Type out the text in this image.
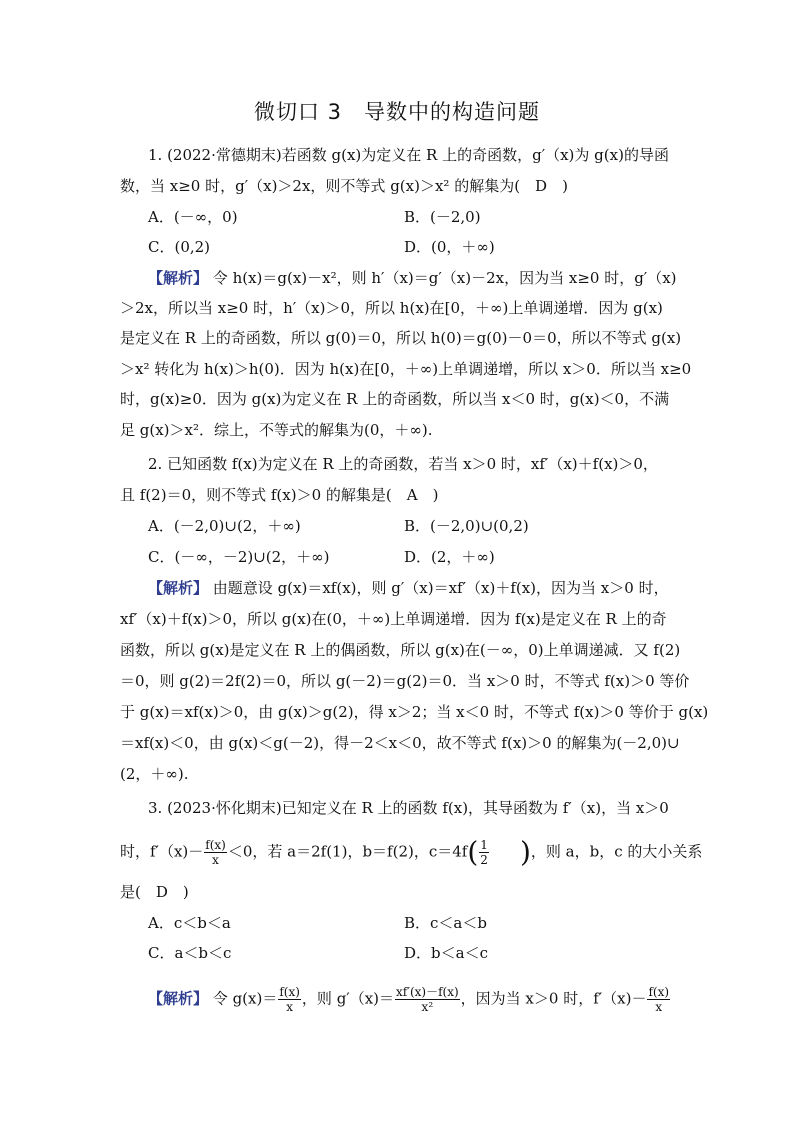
微切口 3　导数中的构造问题
1. (2022·常德期末)若函数 g(x)为定义在 R 上的奇函数，g′（x)为 g(x)的导函
数，当 x≥0 时，g′（x)＞2x，则不等式 g(x)＞x² 的解集为(　D　)
A．(－∞，0)	B．(－2,0)
C．(0,2)	D．(0，＋∞)
【解析】 令 h(x)＝g(x)－x²，则 h′（x)＝g′（x)－2x，因为当 x≥0 时，g′（x)
＞2x，所以当 x≥0 时，h′（x)＞0，所以 h(x)在[0，＋∞)上单调递增．因为 g(x)
是定义在 R 上的奇函数，所以 g(0)＝0，所以 h(0)＝g(0)－0＝0，所以不等式 g(x)
＞x² 转化为 h(x)＞h(0)．因为 h(x)在[0，＋∞)上单调递增，所以 x＞0．所以当 x≥0
时，g(x)≥0．因为 g(x)为定义在 R 上的奇函数，所以当 x＜0 时，g(x)＜0，不满
足 g(x)＞x²．综上，不等式的解集为(0，＋∞).
2. 已知函数 f(x)为定义在 R 上的奇函数，若当 x＞0 时，xf′（x)＋f(x)＞0，
且 f(2)＝0，则不等式 f(x)＞0 的解集是(　A　)
A．(－2,0)∪(2，＋∞)	B．(－2,0)∪(0,2)
C．(－∞，－2)∪(2，＋∞)	D．(2，＋∞)
【解析】 由题意设 g(x)＝xf(x)，则 g′（x)＝xf′（x)＋f(x)，因为当 x＞0 时，
xf′（x)＋f(x)＞0，所以 g(x)在(0，＋∞)上单调递增．因为 f(x)是定义在 R 上的奇
函数，所以 g(x)是定义在 R 上的偶函数，所以 g(x)在(－∞，0)上单调递减．又 f(2)
＝0，则 g(2)＝2f(2)＝0，所以 g(－2)＝g(2)＝0．当 x＞0 时，不等式 f(x)＞0 等价
于 g(x)＝xf(x)＞0，由 g(x)＞g(2)，得 x＞2；当 x＜0 时，不等式 f(x)＞0 等价于 g(x)
＝xf(x)＜0，由 g(x)＜g(－2)，得－2＜x＜0，故不等式 f(x)＞0 的解集为(－2,0)∪
(2，＋∞).
3. (2023·怀化期末)已知定义在 R 上的函数 f(x)，其导函数为 f′（x)，当 x＞0
时，$f'(x)- \frac{f(x)}{x} <0$，若 a＝2f(1)，b＝f(2)，$c=4f( \frac{1}{2}$
　　 )，则 a，b，c 的大小关系
是(　D　)
A．c＜b＜a	B．c＜a＜b
C．a＜b＜c	D．b＜a＜c
【解析】 令 $g(x)= \frac{f(x)}{x}$ ，则 $g'(x)= \frac{xf'(x)-f(x)}{\text{x²}}$ ，因为当 x＞0 时，$f'(x)- \frac{f(x)}{x}$
